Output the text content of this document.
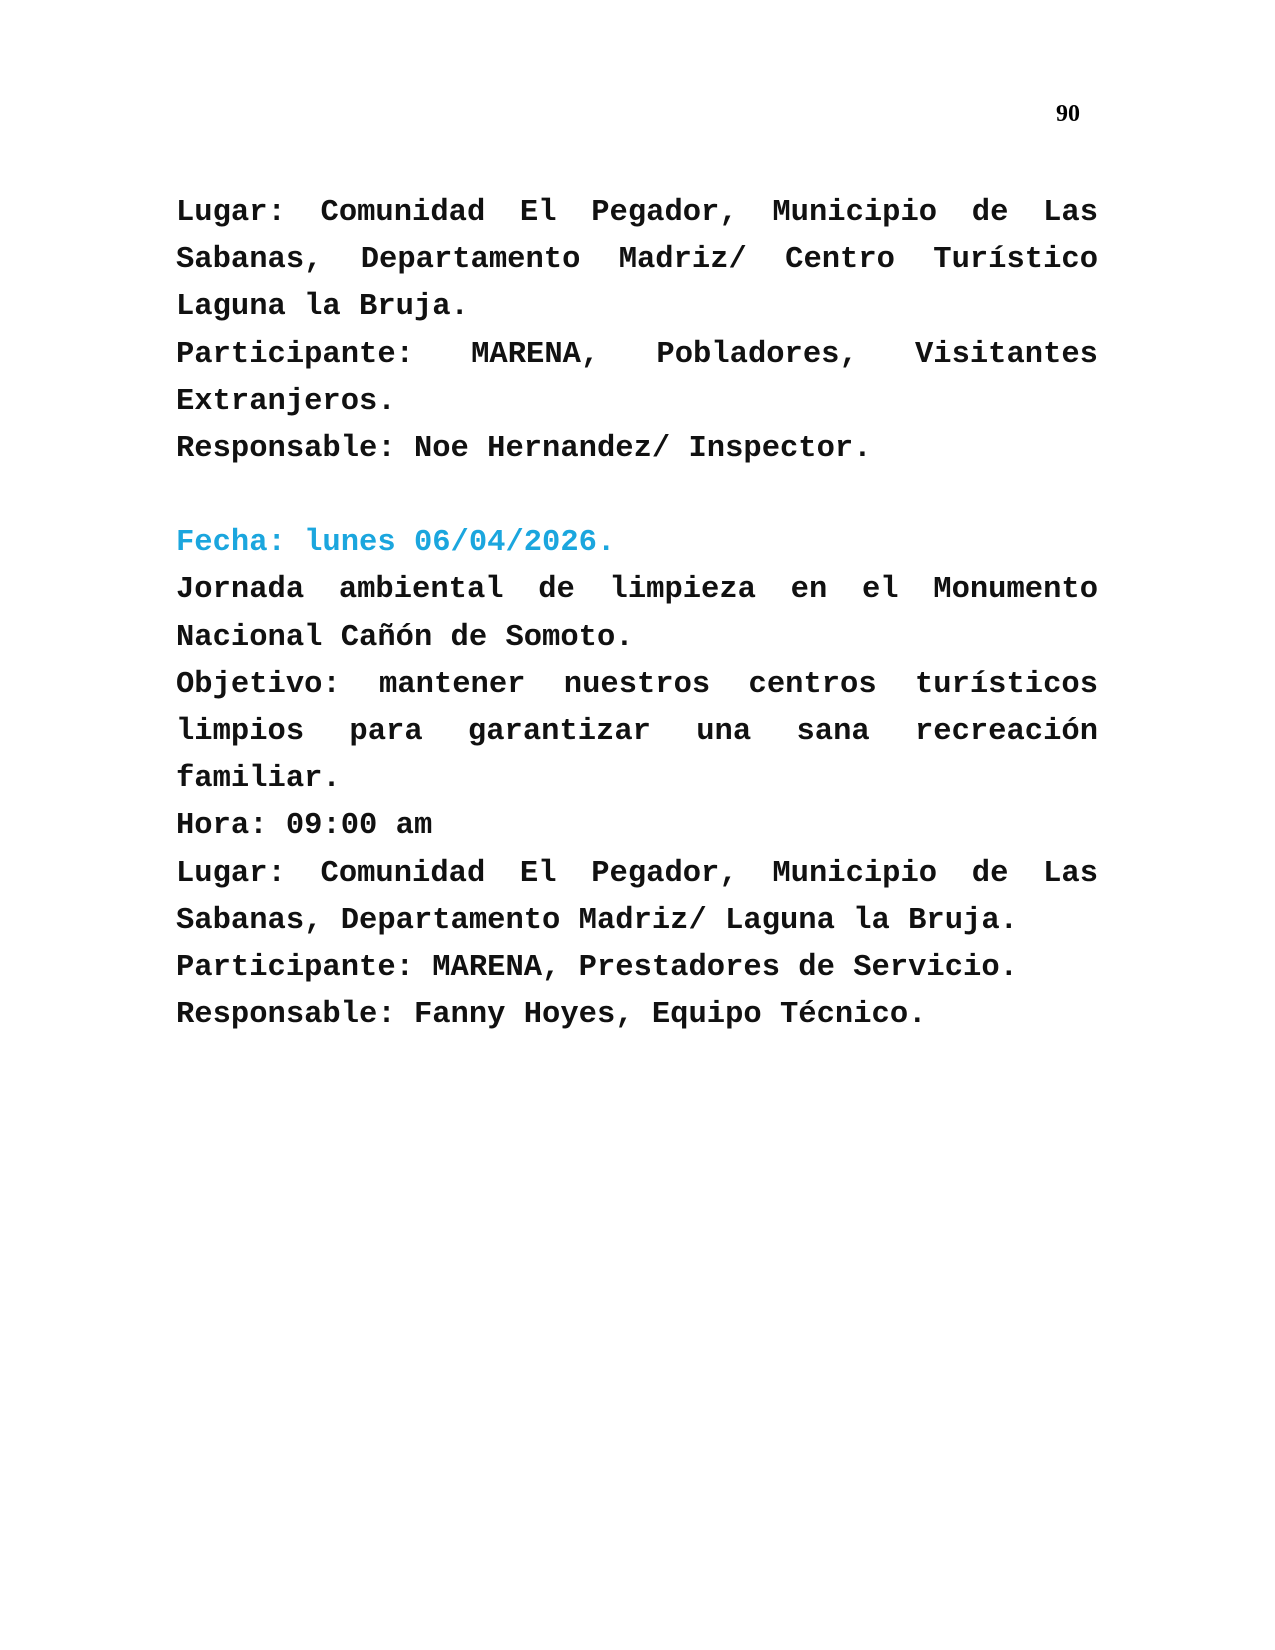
90

Lugar: Comunidad El Pegador, Municipio de Las Sabanas, Departamento Madriz/ Centro Turístico Laguna la Bruja.

Participante: MARENA, Pobladores, Visitantes Extranjeros.

Responsable: Noe Hernandez/ Inspector.

Fecha: lunes 06/04/2026.

Jornada ambiental de limpieza en el Monumento Nacional Cañón de Somoto.

Objetivo: mantener nuestros centros turísticos limpios para garantizar una sana recreación familiar.

Hora: 09:00 am

Lugar: Comunidad El Pegador, Municipio de Las Sabanas, Departamento Madriz/ Laguna la Bruja.

Participante: MARENA, Prestadores de Servicio.

Responsable: Fanny Hoyes, Equipo Técnico.
